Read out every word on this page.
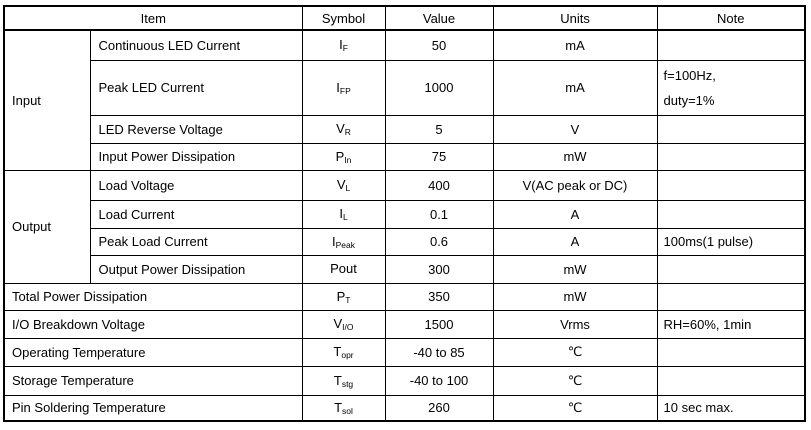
Item		Symbol	Value	Units	Note
Input	Continuous LED Current	$I_F$	50	mA	
	Peak LED Current	$I_{FP}$	1000	mA	f=100Hz,
duty=1%

	LED Reverse Voltage	$V_R$	5	V	
	Input Power Dissipation	$P_{In}$	75	mW	
Output	Load Voltage	$V_L$	400	V(AC peak or DC)	
	Load Current	$I_L$	0.1	A	
	Peak Load Current	$I_{Peak}$	0.6	A	100ms(1 pulse)

	Output Power Dissipation	Pout	300	mW	
Total Power Dissipation		$P_T$	350	mW	
I/O Breakdown Voltage		$V_{I/O}$	1500	Vrms	RH=60%, 1min

Operating Temperature		$T_{opr}$	-40 to 85	℃	
Storage Temperature		$T_{stg}$	-40 to 100	℃	
Pin Soldering Temperature		$T_{sol}$	260	℃	10 sec max.
